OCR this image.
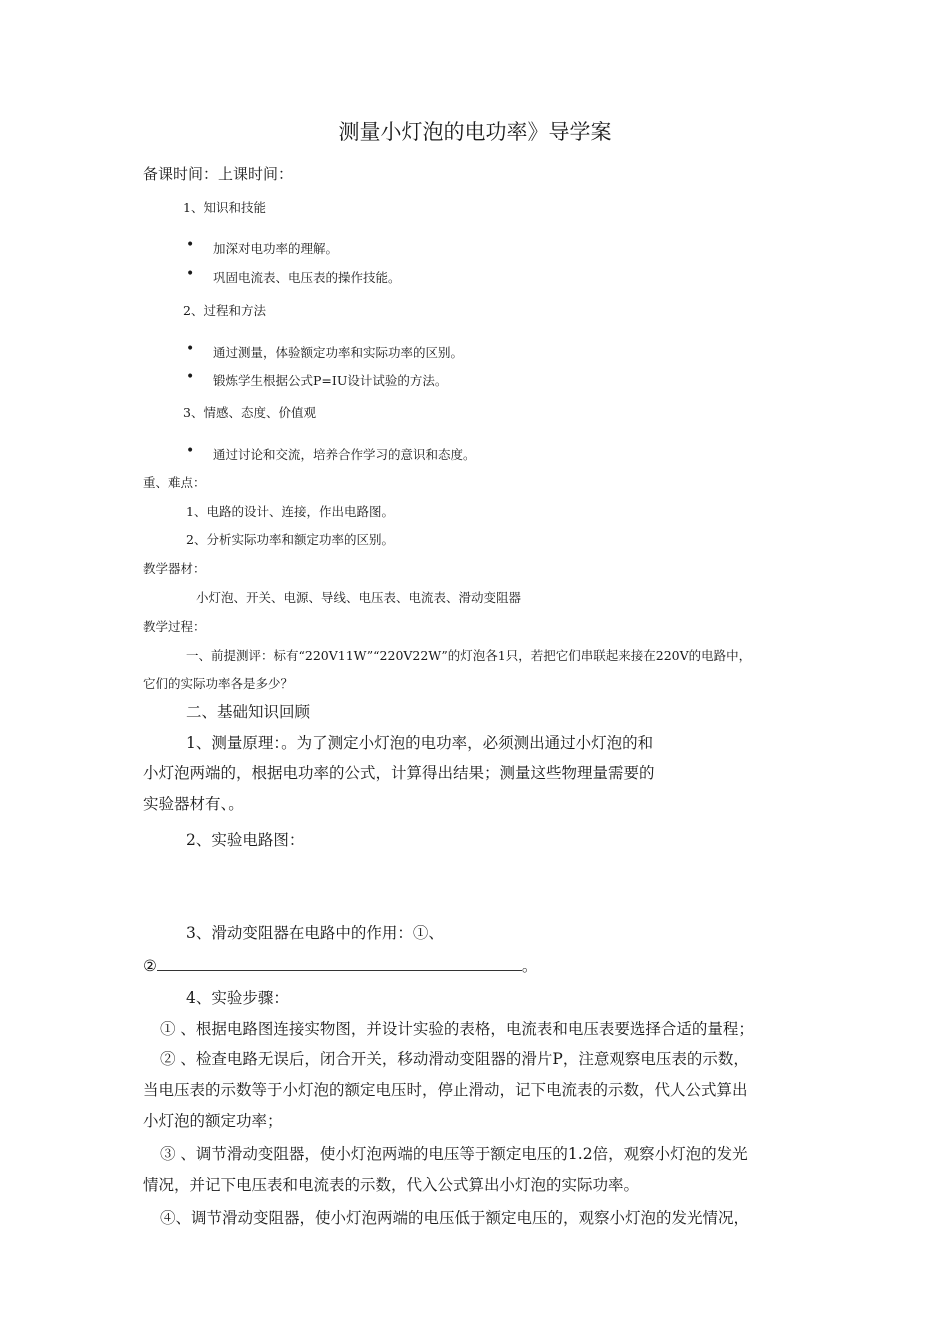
测量小灯泡的电功率》导学案
备课时间：上课时间：
1、知识和技能
• 加深对电功率的理解。
• 巩固电流表、电压表的操作技能。
2、过程和方法
• 通过测量，体验额定功率和实际功率的区别。
• 锻炼学生根据公式P=IU设计试验的方法。
3、情感、态度、价值观
• 通过讨论和交流，培养合作学习的意识和态度。
重、难点：
1、电路的设计、连接，作出电路图。
2、分析实际功率和额定功率的区别。
教学器材：
小灯泡、开关、电源、导线、电压表、电流表、滑动变阻器
教学过程：
一、前提测评：标有“220V11W”“220V22W”的灯泡各1只，若把它们串联起来接在220V的电路中，
它们的实际功率各是多少？
二、基础知识回顾
1、测量原理：。为了测定小灯泡的电功率，必须测出通过小灯泡的和
小灯泡两端的，根据电功率的公式，计算得出结果；测量这些物理量需要的
实验器材有、。
2、实验电路图：
3、滑动变阻器在电路中的作用：①、
②	。
4、实验步骤：
① 、根据电路图连接实物图，并设计实验的表格，电流表和电压表要选择合适的量程；
② 、检查电路无误后，闭合开关，移动滑动变阻器的滑片P，注意观察电压表的示数，
当电压表的示数等于小灯泡的额定电压时，停止滑动，记下电流表的示数，代人公式算出
小灯泡的额定功率；
③ 、调节滑动变阻器，使小灯泡两端的电压等于额定电压的1.2倍，观察小灯泡的发光
情况，并记下电压表和电流表的示数，代入公式算出小灯泡的实际功率。
④、调节滑动变阻器，使小灯泡两端的电压低于额定电压的，观察小灯泡的发光情况，
